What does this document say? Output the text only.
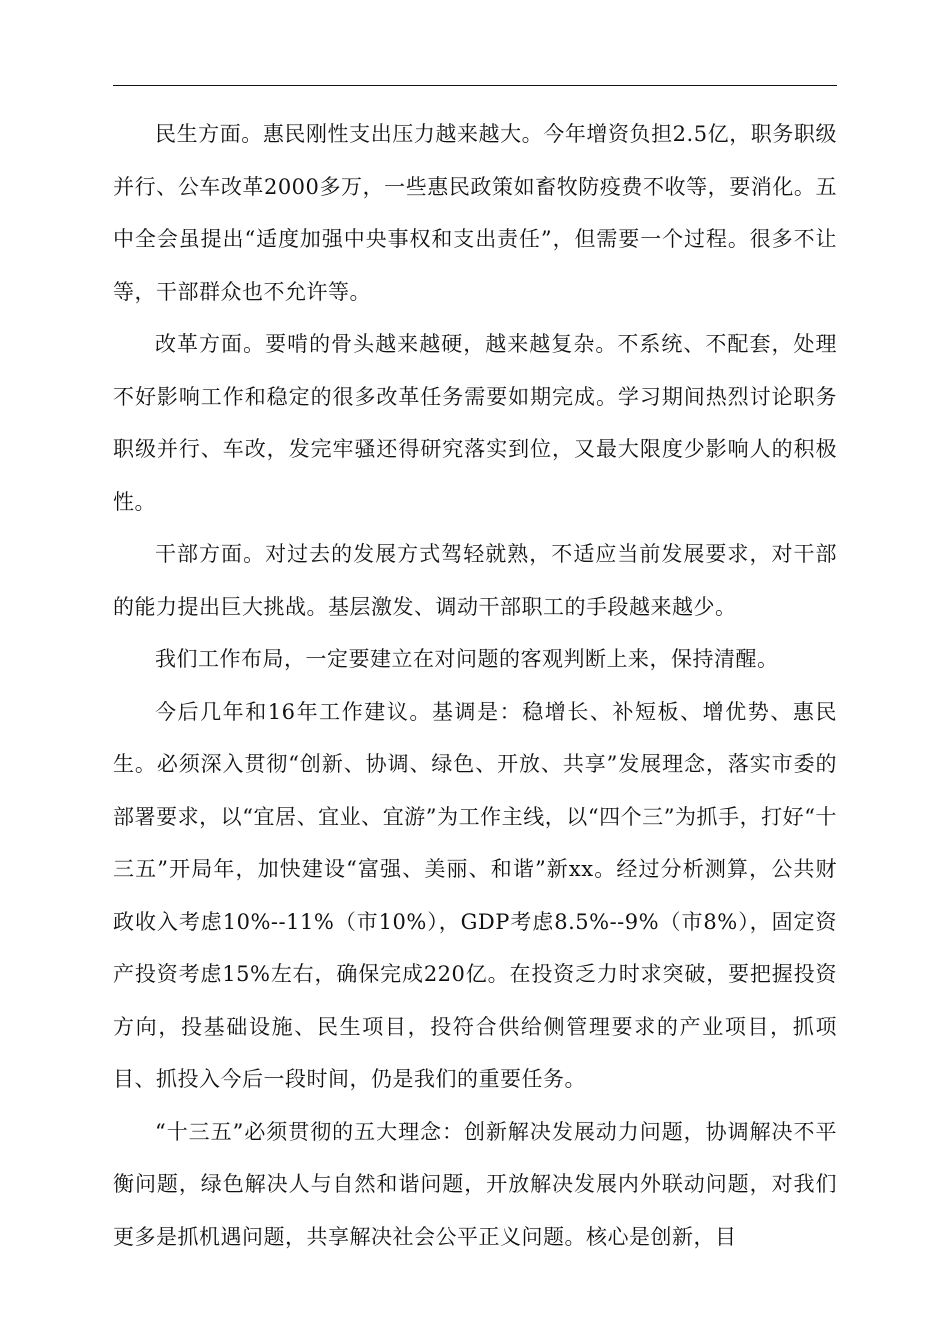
民生方面。惠民刚性支出压力越来越大。今年增资负担2.5亿，职务职级并行、公车改革2000多万，一些惠民政策如畜牧防疫费不收等，要消化。五中全会虽提出“适度加强中央事权和支出责任”，但需要一个过程。很多不让等，干部群众也不允许等。

改革方面。要啃的骨头越来越硬，越来越复杂。不系统、不配套，处理不好影响工作和稳定的很多改革任务需要如期完成。学习期间热烈讨论职务职级并行、车改，发完牢骚还得研究落实到位，又最大限度少影响人的积极性。

干部方面。对过去的发展方式驾轻就熟，不适应当前发展要求，对干部的能力提出巨大挑战。基层激发、调动干部职工的手段越来越少。

我们工作布局，一定要建立在对问题的客观判断上来，保持清醒。

今后几年和16年工作建议。基调是：稳增长、补短板、增优势、惠民生。必须深入贯彻“创新、协调、绿色、开放、共享”发展理念，落实市委的部署要求，以“宜居、宜业、宜游”为工作主线，以“四个三”为抓手，打好“十三五”开局年，加快建设“富强、美丽、和谐”新xx。经过分析测算，公共财政收入考虑10%--11%（市10%），GDP考虑8.5%--9%（市8%），固定资产投资考虑15%左右，确保完成220亿。在投资乏力时求突破，要把握投资方向，投基础设施、民生项目，投符合供给侧管理要求的产业项目，抓项目、抓投入今后一段时间，仍是我们的重要任务。

“十三五”必须贯彻的五大理念：创新解决发展动力问题，协调解决不平衡问题，绿色解决人与自然和谐问题，开放解决发展内外联动问题，对我们更多是抓机遇问题，共享解决社会公平正义问题。核心是创新，目
